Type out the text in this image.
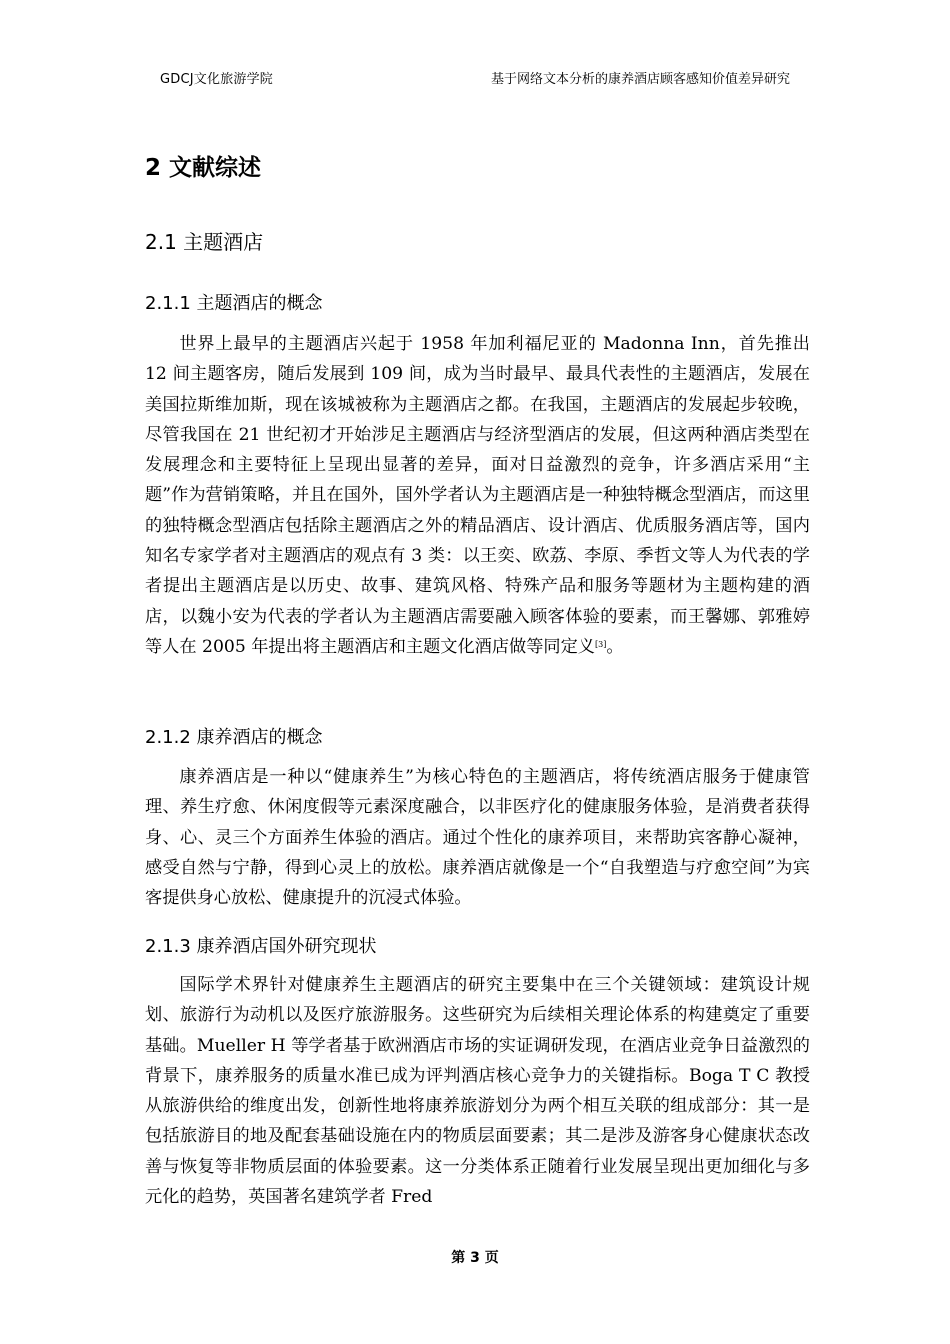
GDCJ文化旅游学院	基于网络文本分析的康养酒店顾客感知价值差异研究
2 文献综述
2.1 主题酒店
2.1.1 主题酒店的概念

世界上最早的主题酒店兴起于 1958 年加利福尼亚的 Madonna Inn，首先推出 12 间主题客房，随后发展到 109 间，成为当时最早、最具代表性的主题酒店，发展在美国拉斯维加斯，现在该城被称为主题酒店之都。在我国，主题酒店的发展起步较晚，尽管我国在 21 世纪初才开始涉足主题酒店与经济型酒店的发展，但这两种酒店类型在发展理念和主要特征上呈现出显著的差异，面对日益激烈的竞争，许多酒店采用“主题”作为营销策略，并且在国外，国外学者认为主题酒店是一种独特概念型酒店，而这里的独特概念型酒店包括除主题酒店之外的精品酒店、设计酒店、优质服务酒店等，国内知名专家学者对主题酒店的观点有 3 类：以王奕、欧荔、李原、季哲文等人为代表的学者提出主题酒店是以历史、故事、建筑风格、特殊产品和服务等题材为主题构建的酒店，以魏小安为代表的学者认为主题酒店需要融入顾客体验的要素，而王馨娜、郭雅婷等人在 2005 年提出将主题酒店和主题文化酒店做等同定义[3]。

2.1.2 康养酒店的概念

康养酒店是一种以“健康养生”为核心特色的主题酒店，将传统酒店服务于健康管理、养生疗愈、休闲度假等元素深度融合，以非医疗化的健康服务体验，是消费者获得身、心、灵三个方面养生体验的酒店。通过个性化的康养项目，来帮助宾客静心凝神，感受自然与宁静，得到心灵上的放松。康养酒店就像是一个“自我塑造与疗愈空间”为宾客提供身心放松、健康提升的沉浸式体验。

2.1.3 康养酒店国外研究现状

国际学术界针对健康养生主题酒店的研究主要集中在三个关键领域：建筑设计规划、旅游行为动机以及医疗旅游服务。这些研究为后续相关理论体系的构建奠定了重要基础。Mueller H 等学者基于欧洲酒店市场的实证调研发现，在酒店业竞争日益激烈的背景下，康养服务的质量水准已成为评判酒店核心竞争力的关键指标。Boga T C 教授从旅游供给的维度出发，创新性地将康养旅游划分为两个相互关联的组成部分：其一是包括旅游目的地及配套基础设施在内的物质层面要素；其二是涉及游客身心健康状态改善与恢复等非物质层面的体验要素。这一分类体系正随着行业发展呈现出更加细化与多元化的趋势，英国著名建筑学者 Fred

第 3 页
